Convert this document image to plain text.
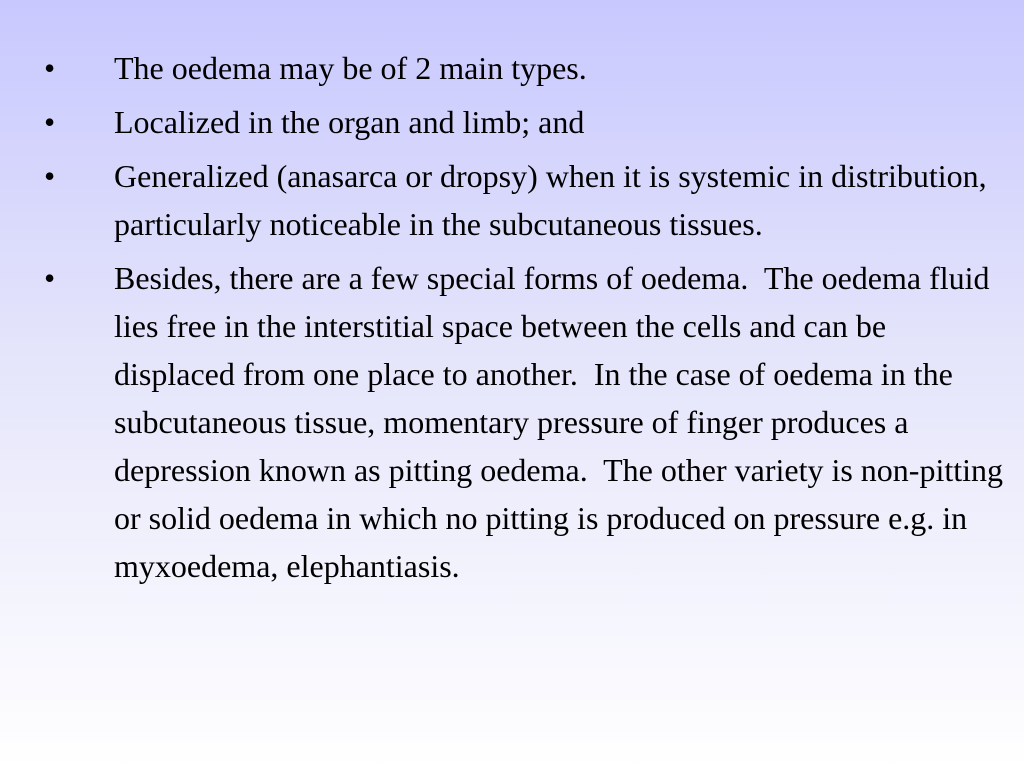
• The oedema may be of 2 main types.
• Localized in the organ and limb; and
• Generalized (anasarca or dropsy) when it is systemic in distribution, particularly noticeable in the subcutaneous tissues.
• Besides, there are a few special forms of oedema.  The oedema fluid lies free in the interstitial space between the cells and can be displaced from one place to another.  In the case of oedema in the subcutaneous tissue, momentary pressure of finger produces a depression known as pitting oedema.  The other variety is non-pitting or solid oedema in which no pitting is produced on pressure e.g. in myxoedema, elephantiasis.
